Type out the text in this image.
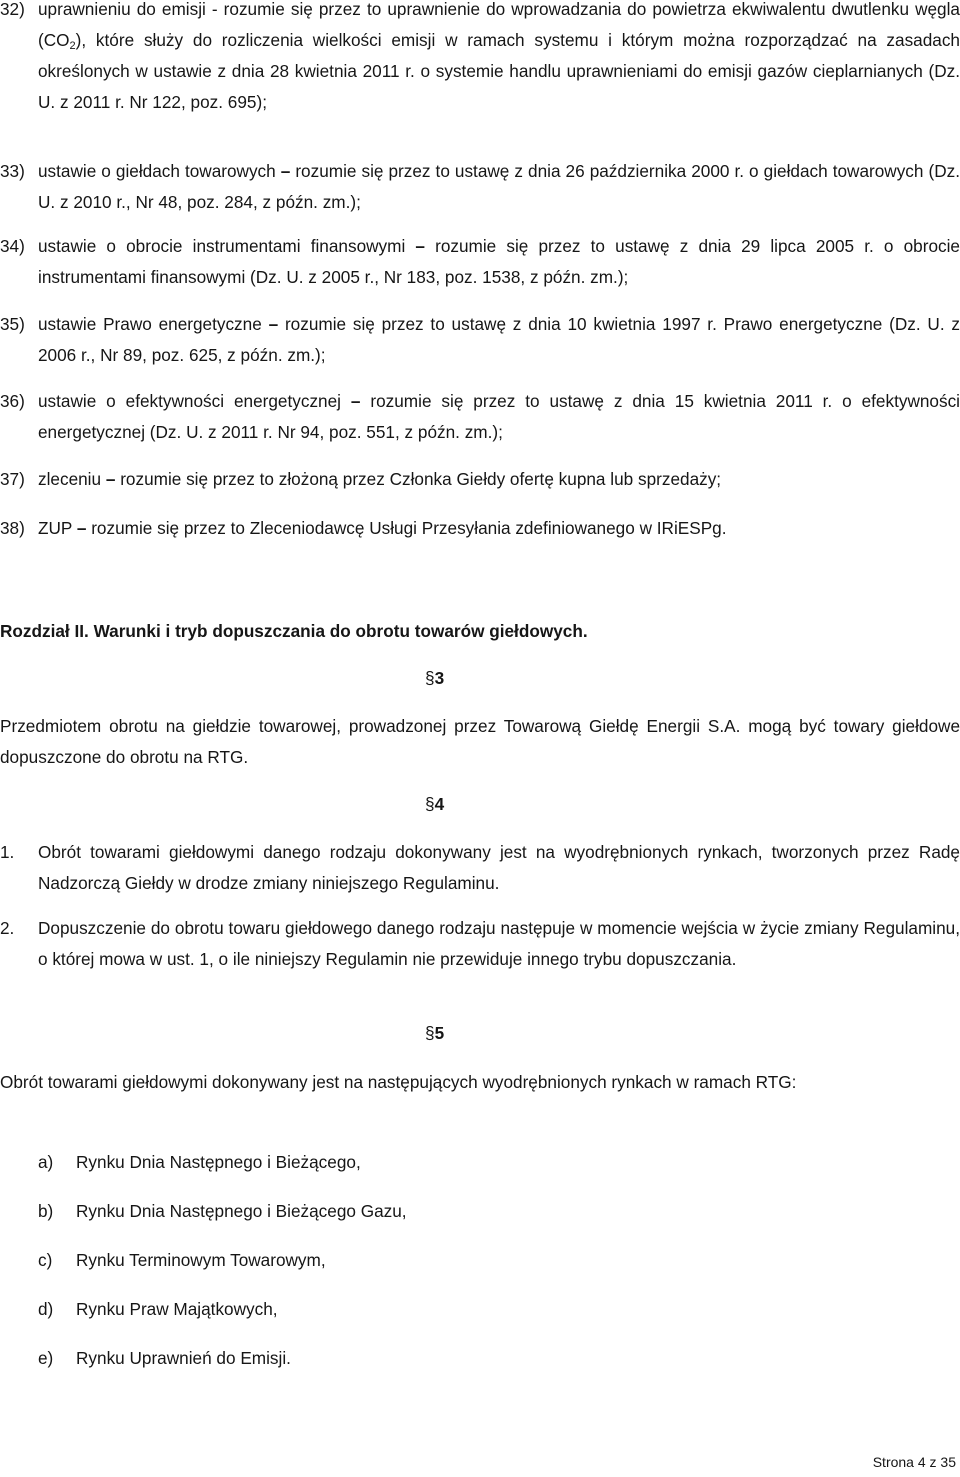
32) uprawnieniu do emisji - rozumie się przez to uprawnienie do wprowadzania do powietrza ekwiwalentu dwutlenku węgla $(CO_2)$, które służy do rozliczenia wielkości emisji w ramach systemu i którym można rozporządzać na zasadach określonych w ustawie z dnia 28 kwietnia 2011 r. o systemie handlu uprawnieniami do emisji gazów cieplarnianych (Dz. U. z 2011 r. Nr 122, poz. 695);
33) ustawie o giełdach towarowych – rozumie się przez to ustawę z dnia 26 października 2000 r. o giełdach towarowych (Dz. U. z 2010 r., Nr 48, poz. 284, z późn. zm.);
34) ustawie o obrocie instrumentami finansowymi – rozumie się przez to ustawę z dnia 29 lipca 2005 r. o obrocie instrumentami finansowymi (Dz. U. z 2005 r., Nr 183, poz. 1538, z późn. zm.);
35) ustawie Prawo energetyczne – rozumie się przez to ustawę z dnia 10 kwietnia 1997 r. Prawo energetyczne (Dz. U. z 2006 r., Nr 89, poz. 625, z późn. zm.);
36) ustawie o efektywności energetycznej – rozumie się przez to ustawę z dnia 15 kwietnia 2011 r. o efektywności energetycznej (Dz. U. z 2011 r. Nr 94, poz. 551, z późn. zm.);
37) zleceniu – rozumie się przez to złożoną przez Członka Giełdy ofertę kupna lub sprzedaży;
38) ZUP – rozumie się przez to Zleceniodawcę Usługi Przesyłania zdefiniowanego w IRiESPg.
Rozdział II. Warunki i tryb dopuszczania do obrotu towarów giełdowych.
§3
Przedmiotem obrotu na giełdzie towarowej, prowadzonej przez Towarową Giełdę Energii S.A. mogą być towary giełdowe dopuszczone do obrotu na RTG.
§4
1. Obrót towarami giełdowymi danego rodzaju dokonywany jest na wyodrębnionych rynkach, tworzonych przez Radę Nadzorczą Giełdy w drodze zmiany niniejszego Regulaminu.
2. Dopuszczenie do obrotu towaru giełdowego danego rodzaju następuje w momencie wejścia w życie zmiany Regulaminu, o której mowa w ust. 1, o ile niniejszy Regulamin nie przewiduje innego trybu dopuszczania.
§5
Obrót towarami giełdowymi dokonywany jest na następujących wyodrębnionych rynkach w ramach RTG:
a) Rynku Dnia Następnego i Bieżącego,
b) Rynku Dnia Następnego i Bieżącego Gazu,
c) Rynku Terminowym Towarowym,
d) Rynku Praw Majątkowych,
e) Rynku Uprawnień do Emisji.
Strona 4 z 35
